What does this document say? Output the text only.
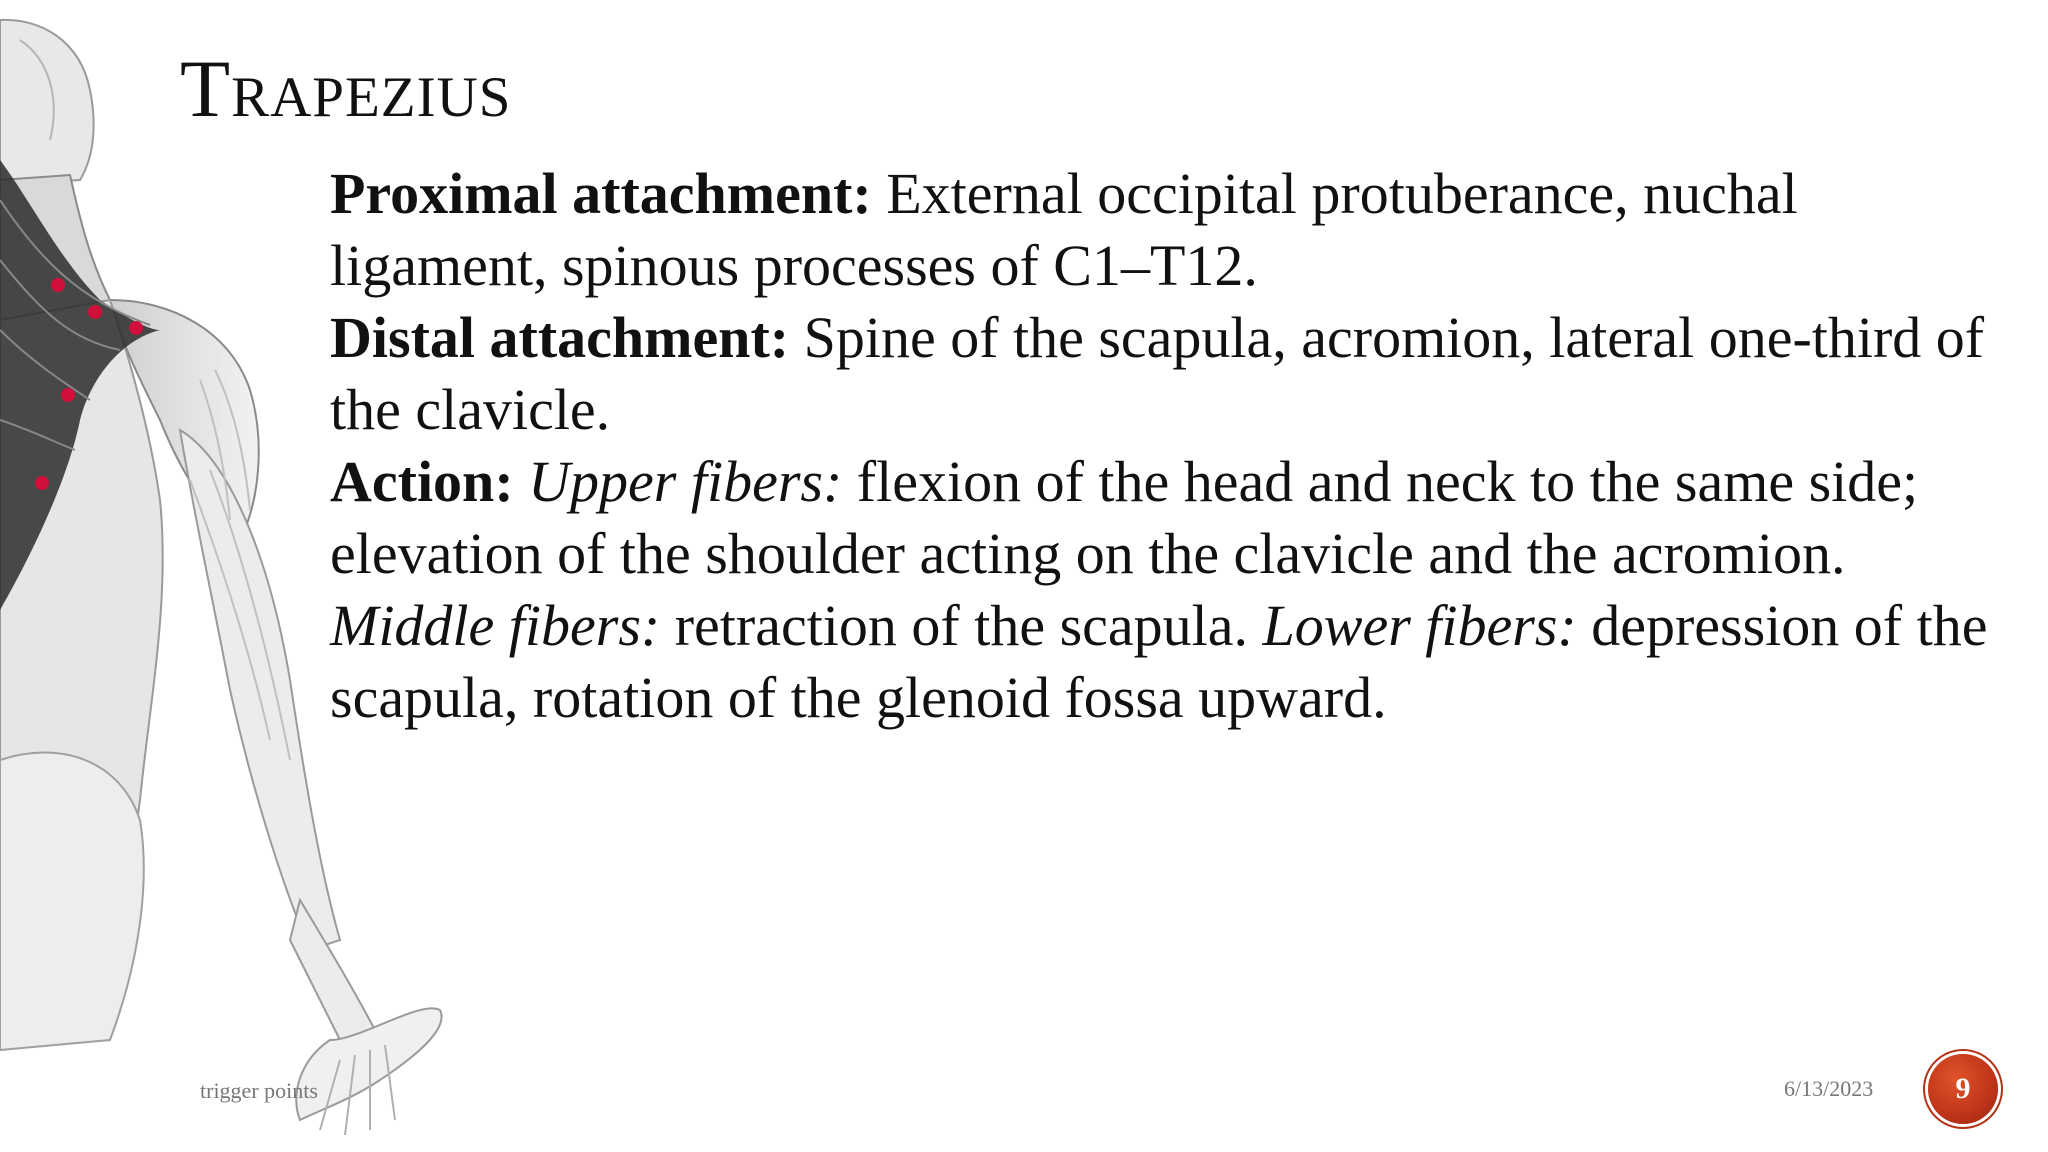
Trapezius

Proximal attachment: External occipital protuberance, nuchal ligament, spinous processes of C1–T12.

Distal attachment: Spine of the scapula, acromion, lateral one-third of the clavicle.

Action: Upper fibers: flexion of the head and neck to the same side; elevation of the shoulder acting on the clavicle and the acromion. Middle fibers: retraction of the scapula. Lower fibers: depression of the scapula, rotation of the glenoid fossa upward.

trigger points	6/13/2023	9
